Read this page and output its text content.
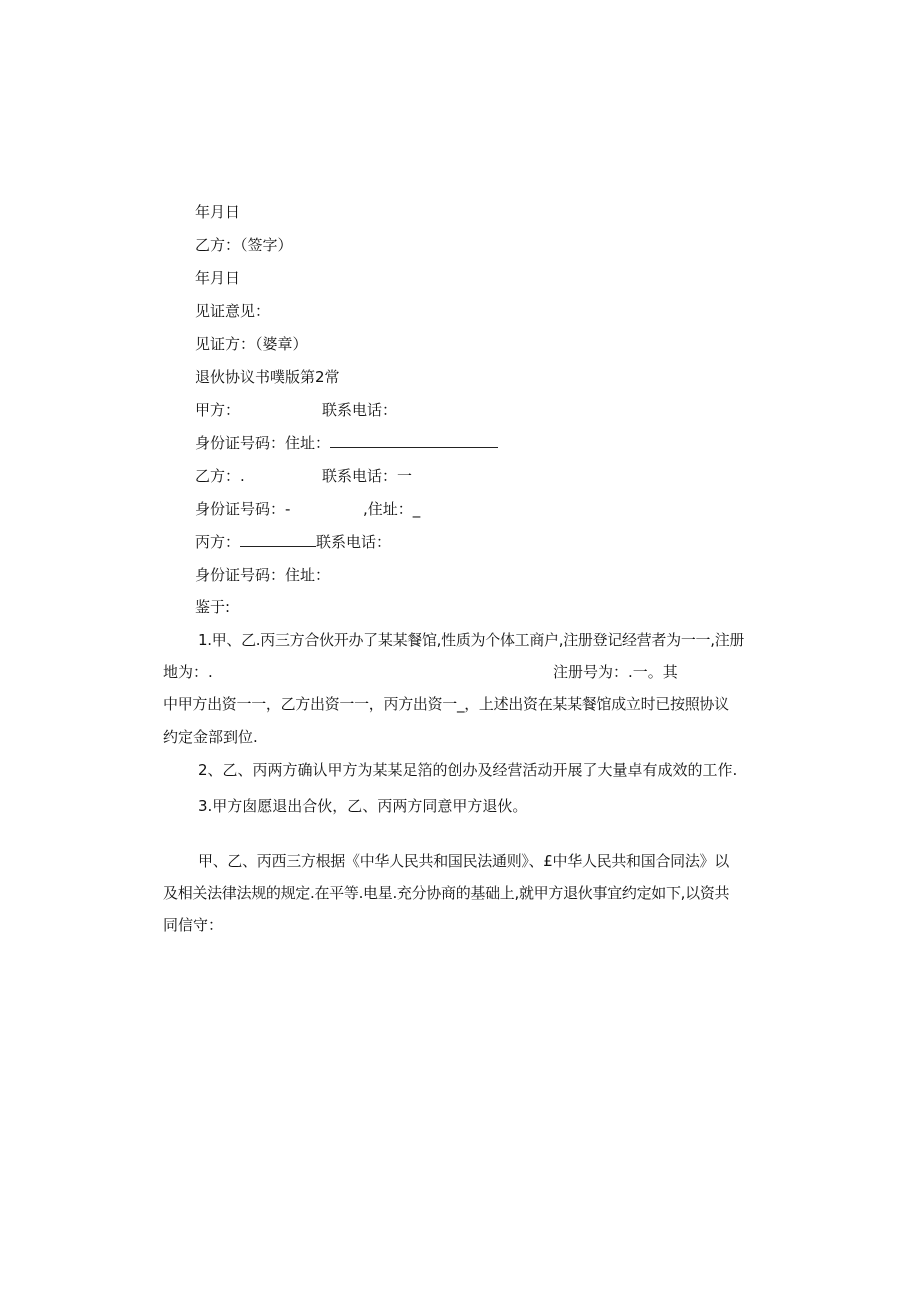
年月日
乙方：（签字）
年月日
见证意见：
见证方：（婆章）
退伙协议书噗版第2常
甲方：	联系电话：
身份证号码：住址：
乙方：.	联系电话：一
身份证号码：-	,住址：_
丙方：	联系电话：
身份证号码：住址：
鉴于:
1.甲、乙.丙三方合伙开办了某某餐馆,性质为个体工商户,注册登记经营者为一一,注册
地为：.	注册号为：.一。其
中甲方出资一一，乙方出资一一，丙方出资一_，上述出资在某某餐馆成立时已按照协议
约定金部到位.
2、乙、丙两方确认甲方为某某足箔的创办及经营活动开展了大量卓有成效的工作.
3.甲方囱愿退出合伙，乙、丙两方同意甲方退伙。
甲、乙、丙西三方根据《中华人民共和国民法通则》、£中华人民共和国合同法》以
及相关法律法规的规定.在平等.电星.充分协商的基础上,就甲方退伙事宜约定如下,以资共
同信守：
